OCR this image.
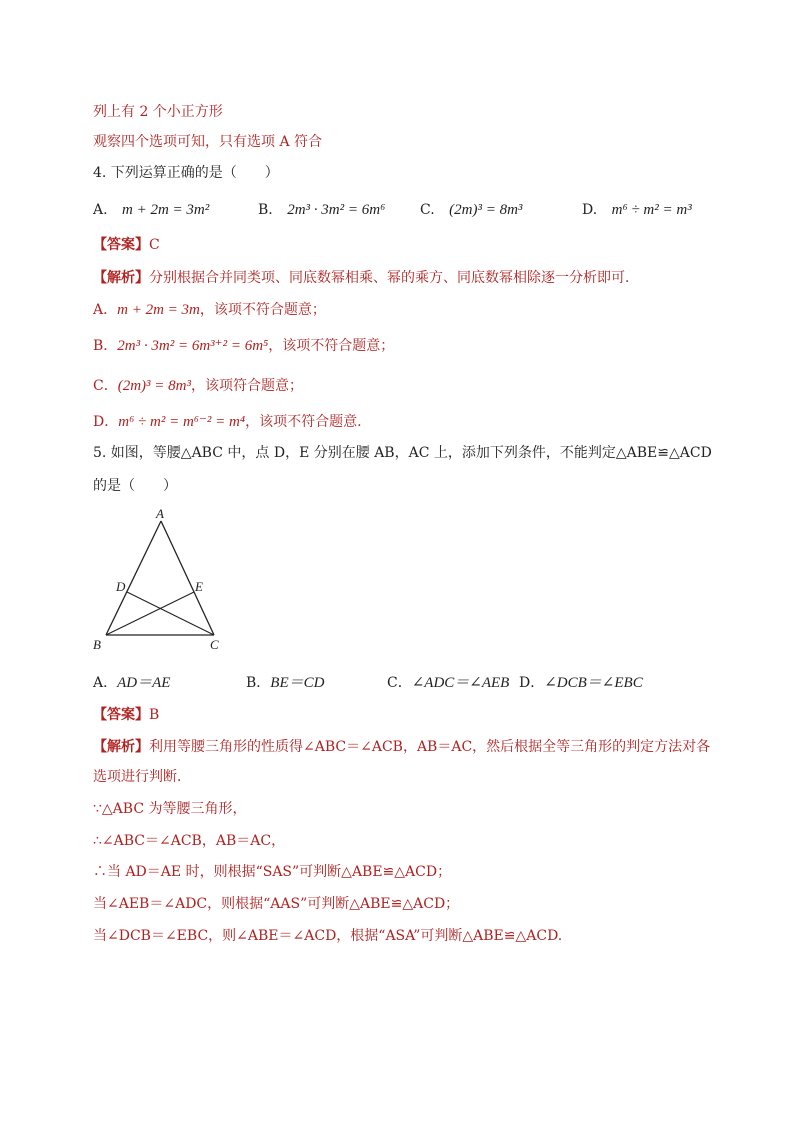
列上有 2 个小正方形
观察四个选项可知，只有选项 A 符合
4. 下列运算正确的是（　　）
A. m + 2m = 3m²	B. 2m³ · 3m² = 6m⁶ C. (2m)³ = 8m³	D. m⁶ ÷ m² = m³
【答案】C
【解析】分别根据合并同类项、同底数幂相乘、幂的乘方、同底数幂相除逐一分析即可．
A．m + 2m = 3m，该项不符合题意；
B．2m³ · 3m² = 6m³⁺² = 6m⁵，该项不符合题意；
C．(2m)³ = 8m³，该项符合题意；
D．m⁶ ÷ m² = m⁶⁻² = m⁴，该项不符合题意.
5. 如图，等腰△ABC 中，点 D，E 分别在腰 AB，AC 上，添加下列条件，不能判定△ABE≌△ACD
的是（　　）
A
B	C
D	E
A．AD＝AE	B．BE＝CD	C．∠ADC＝∠AEB D．∠DCB＝∠EBC
【答案】B
【解析】利用等腰三角形的性质得∠ABC＝∠ACB，AB＝AC，然后根据全等三角形的判定方法对各
选项进行判断．
∵△ABC 为等腰三角形，
∴∠ABC＝∠ACB，AB＝AC，
∴当 AD＝AE 时，则根据“SAS”可判断△ABE≌△ACD；
当∠AEB＝∠ADC，则根据“AAS”可判断△ABE≌△ACD；
当∠DCB＝∠EBC，则∠ABE＝∠ACD，根据“ASA”可判断△ABE≌△ACD.
